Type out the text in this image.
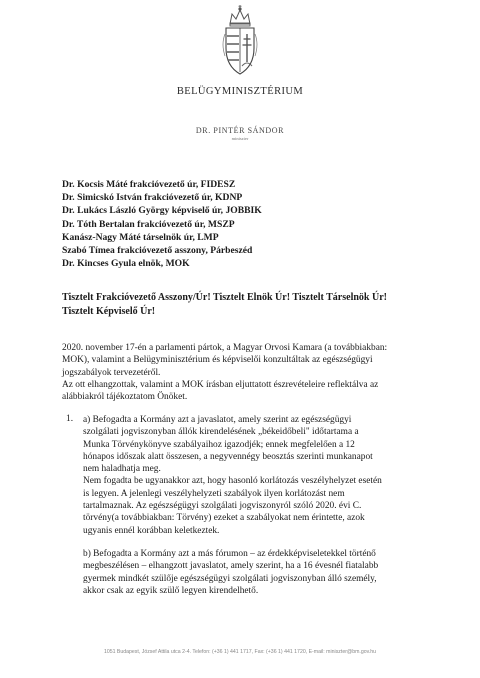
BELÜGYMINISZTÉRIUM
DR. PINTÉR SÁNDOR
miniszter
Dr. Kocsis Máté frakcióvezető úr, FIDESZ
Dr. Simicskó István frakcióvezető úr, KDNP
Dr. Lukács László György képviselő úr, JOBBIK
Dr. Tóth Bertalan frakcióvezető úr, MSZP
Kanász-Nagy Máté társelnök úr, LMP
Szabó Tímea frakcióvezető asszony, Párbeszéd
Dr. Kincses Gyula elnök, MOK
Tisztelt Frakcióvezető Asszony/Úr! Tisztelt Elnök Úr! Tisztelt Társelnök Úr!
Tisztelt Képviselő Úr!
2020. november 17-én a parlamenti pártok, a Magyar Orvosi Kamara (a továbbiakban:
MOK), valamint a Belügyminisztérium és képviselői konzultáltak az egészségügyi
jogszabályok tervezetéről.
Az ott elhangzottak, valamint a MOK írásban eljuttatott észrevételeire reflektálva az
alábbiakról tájékoztatom Önöket.
1. a) Befogadta a Kormány azt a javaslatot, amely szerint az egészségügyi
szolgálati jogviszonyban állók kirendelésének „békeidőbeli" időtartama a
Munka Törvénykönyve szabályaihoz igazodjék; ennek megfelelően a 12
hónapos időszak alatt összesen, a negyvennégy beosztás szerinti munkanapot
nem haladhatja meg.
Nem fogadta be ugyanakkor azt, hogy hasonló korlátozás veszélyhelyzet esetén
is legyen. A jelenlegi veszélyhelyzeti szabályok ilyen korlátozást nem
tartalmaznak. Az egészségügyi szolgálati jogviszonyról szóló 2020. évi C.
törvény(a továbbiakban: Törvény) ezeket a szabályokat nem érintette, azok
ugyanis ennél korábban keletkeztek.
b) Befogadta a Kormány azt a más fórumon – az érdekképviseletekkel történő
megbeszélésen – elhangzott javaslatot, amely szerint, ha a 16 évesnél fiatalabb
gyermek mindkét szülője egészségügyi szolgálati jogviszonyban álló személy,
akkor csak az egyik szülő legyen kirendelhető.
1051 Budapest, József Attila utca 2-4. Telefon: (+36 1) 441 1717, Fax: (+36 1) 441 1720, E-mail: miniszter@bm.gov.hu
